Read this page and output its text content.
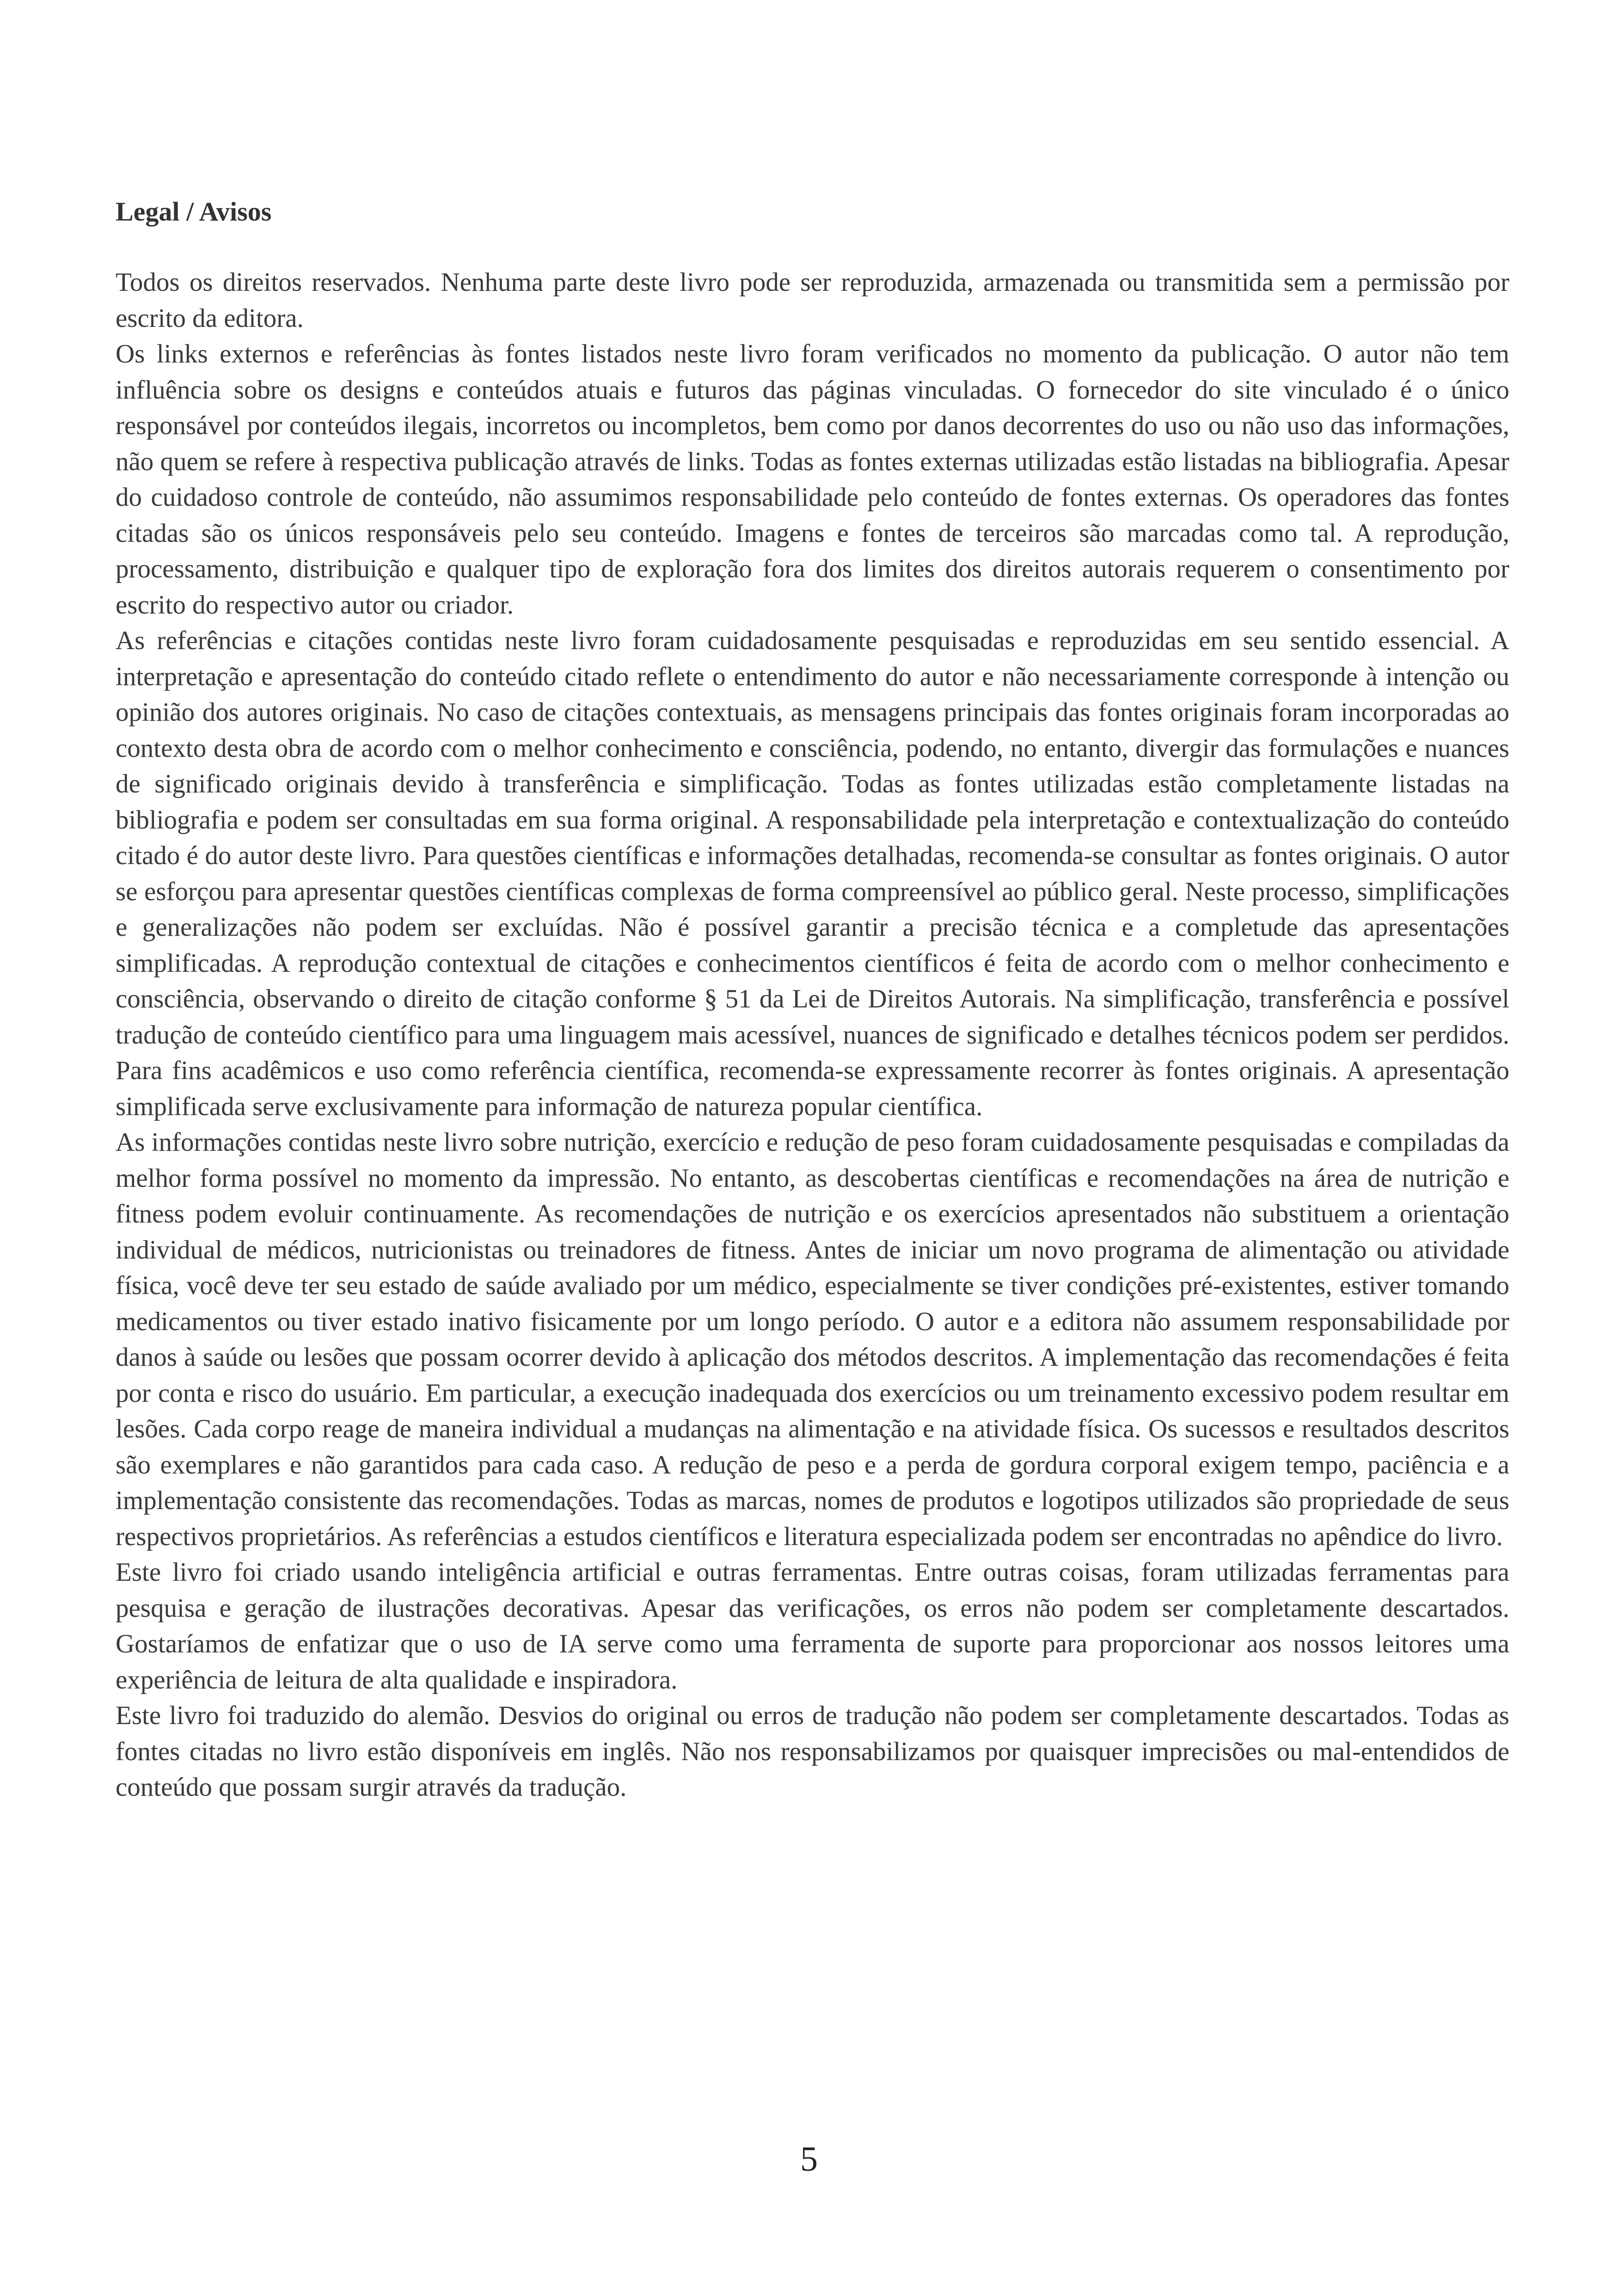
Legal / Avisos

Todos os direitos reservados. Nenhuma parte deste livro pode ser reproduzida, armazenada ou transmitida sem a permissão por escrito da editora.

Os links externos e referências às fontes listados neste livro foram verificados no momento da publicação. O autor não tem influência sobre os designs e conteúdos atuais e futuros das páginas vinculadas. O fornecedor do site vinculado é o único responsável por conteúdos ilegais, incorretos ou incompletos, bem como por danos decorrentes do uso ou não uso das informações, não quem se refere à respectiva publicação através de links. Todas as fontes externas utilizadas estão listadas na bibliografia. Apesar do cuidadoso controle de conteúdo, não assumimos responsabilidade pelo conteúdo de fontes externas. Os operadores das fontes citadas são os únicos responsáveis pelo seu conteúdo. Imagens e fontes de terceiros são marcadas como tal. A reprodução, processamento, distribuição e qualquer tipo de exploração fora dos limites dos direitos autorais requerem o consentimento por escrito do respectivo autor ou criador.

As referências e citações contidas neste livro foram cuidadosamente pesquisadas e reproduzidas em seu sentido essencial. A interpretação e apresentação do conteúdo citado reflete o entendimento do autor e não necessariamente corresponde à intenção ou opinião dos autores originais. No caso de citações contextuais, as mensagens principais das fontes originais foram incorporadas ao contexto desta obra de acordo com o melhor conhecimento e consciência, podendo, no entanto, divergir das formulações e nuances de significado originais devido à transferência e simplificação. Todas as fontes utilizadas estão completamente listadas na bibliografia e podem ser consultadas em sua forma original. A responsabilidade pela interpretação e contextualização do conteúdo citado é do autor deste livro. Para questões científicas e informações detalhadas, recomenda-se consultar as fontes originais. O autor se esforçou para apresentar questões científicas complexas de forma compreensível ao público geral. Neste processo, simplificações e generalizações não podem ser excluídas. Não é possível garantir a precisão técnica e a completude das apresentações simplificadas. A reprodução contextual de citações e conhecimentos científicos é feita de acordo com o melhor conhecimento e consciência, observando o direito de citação conforme § 51 da Lei de Direitos Autorais. Na simplificação, transferência e possível tradução de conteúdo científico para uma linguagem mais acessível, nuances de significado e detalhes técnicos podem ser perdidos. Para fins acadêmicos e uso como referência científica, recomenda-se expressamente recorrer às fontes originais. A apresentação simplificada serve exclusivamente para informação de natureza popular científica.

As informações contidas neste livro sobre nutrição, exercício e redução de peso foram cuidadosamente pesquisadas e compiladas da melhor forma possível no momento da impressão. No entanto, as descobertas científicas e recomendações na área de nutrição e fitness podem evoluir continuamente. As recomendações de nutrição e os exercícios apresentados não substituem a orientação individual de médicos, nutricionistas ou treinadores de fitness. Antes de iniciar um novo programa de alimentação ou atividade física, você deve ter seu estado de saúde avaliado por um médico, especialmente se tiver condições pré-existentes, estiver tomando medicamentos ou tiver estado inativo fisicamente por um longo período. O autor e a editora não assumem responsabilidade por danos à saúde ou lesões que possam ocorrer devido à aplicação dos métodos descritos. A implementação das recomendações é feita por conta e risco do usuário. Em particular, a execução inadequada dos exercícios ou um treinamento excessivo podem resultar em lesões. Cada corpo reage de maneira individual a mudanças na alimentação e na atividade física. Os sucessos e resultados descritos são exemplares e não garantidos para cada caso. A redução de peso e a perda de gordura corporal exigem tempo, paciência e a implementação consistente das recomendações. Todas as marcas, nomes de produtos e logotipos utilizados são propriedade de seus respectivos proprietários. As referências a estudos científicos e literatura especializada podem ser encontradas no apêndice do livro.

Este livro foi criado usando inteligência artificial e outras ferramentas. Entre outras coisas, foram utilizadas ferramentas para pesquisa e geração de ilustrações decorativas. Apesar das verificações, os erros não podem ser completamente descartados. Gostaríamos de enfatizar que o uso de IA serve como uma ferramenta de suporte para proporcionar aos nossos leitores uma experiência de leitura de alta qualidade e inspiradora.

Este livro foi traduzido do alemão. Desvios do original ou erros de tradução não podem ser completamente descartados. Todas as fontes citadas no livro estão disponíveis em inglês. Não nos responsabilizamos por quaisquer imprecisões ou mal-entendidos de conteúdo que possam surgir através da tradução.

5
